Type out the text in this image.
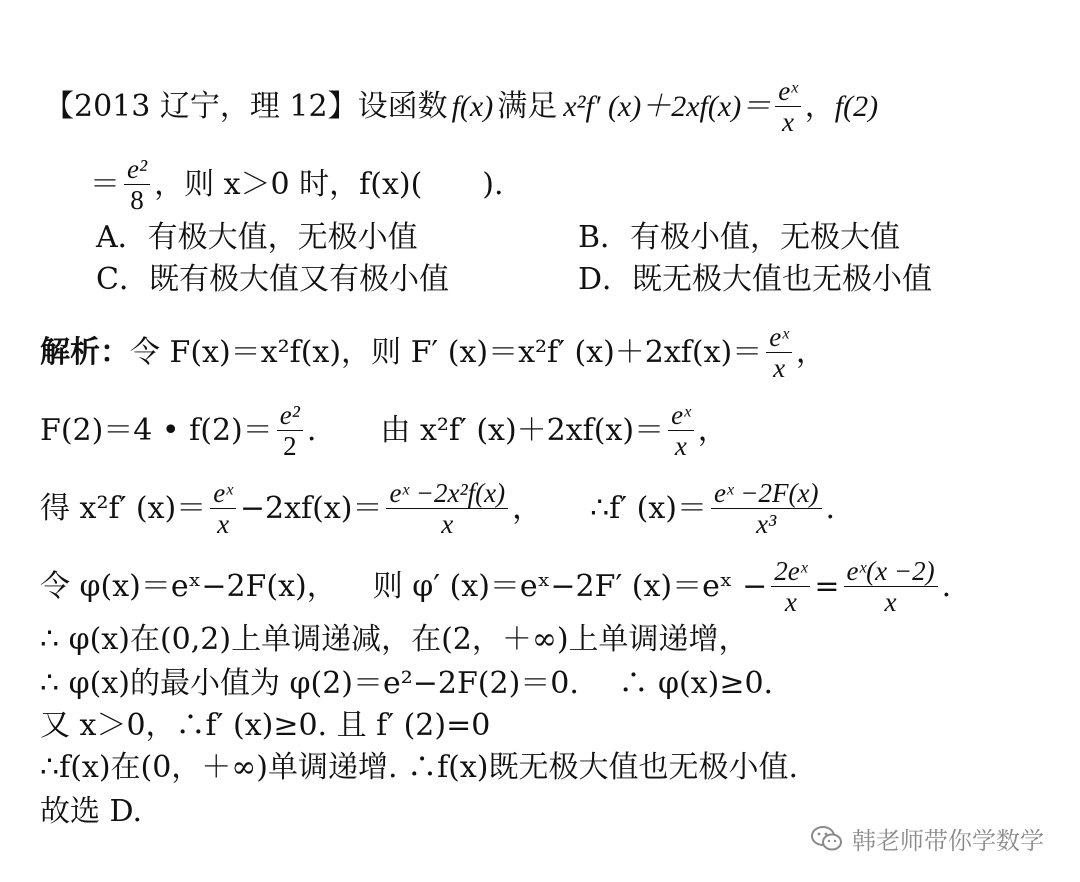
【2013 辽宁，理 12】 设函数 f(x) 满足 x²f′ $(x)+2xf(x)= \frac{\text{eˣ}}{x}$ ， f(2)
＝ $\frac{\text{e²}}{8}$ ，则 x＞0 时，f(x)(　　).
A．有极大值，无极小值	B．有极小值，无极大值
C．既有极大值又有极小值	D．既无极大值也无极小值
解析： 令 F(x)＝x²f(x)，则 F′ (x)＝x²f′ $(x)+2xf(x)= \frac{\text{eˣ}}{x}$ ，
F(2)＝4 • $f(2)= \frac{\text{e²}}{2}$ . 由 x²f′ $(x)+2xf(x)= \frac{\text{eˣ}}{x}$ ，
得 x²f′ $(x)= \frac{\text{eˣ}}{x} -2xf(x)= \frac{\text{eˣ −2x²f(x)}}{x}$ ， ∴f′ $(x)= \frac{\text{eˣ −2F(x)}}{\text{x³}}$ .
令 φ(x)＝eˣ−2F(x)， 则 φ′ (x)＝eˣ−2F′ (x)＝eˣ − $\frac{\text{2eˣ}}{x} = \frac{\text{eˣ(x −2)}}{x}$ .
∴ φ(x)在(0,2)上单调递减，在(2，＋∞)上单调递增，
∴ φ(x)的最小值为 φ(2)＝e²−2F(2)＝0.　 ∴ φ(x)≥0.
又 x＞0，∴f′ (x)≥0. 且 f′ (2)=0
∴f(x)在(0，＋∞)单调递增. ∴f(x)既无极大值也无极小值.
故选 D.
韩老师带你学数学
